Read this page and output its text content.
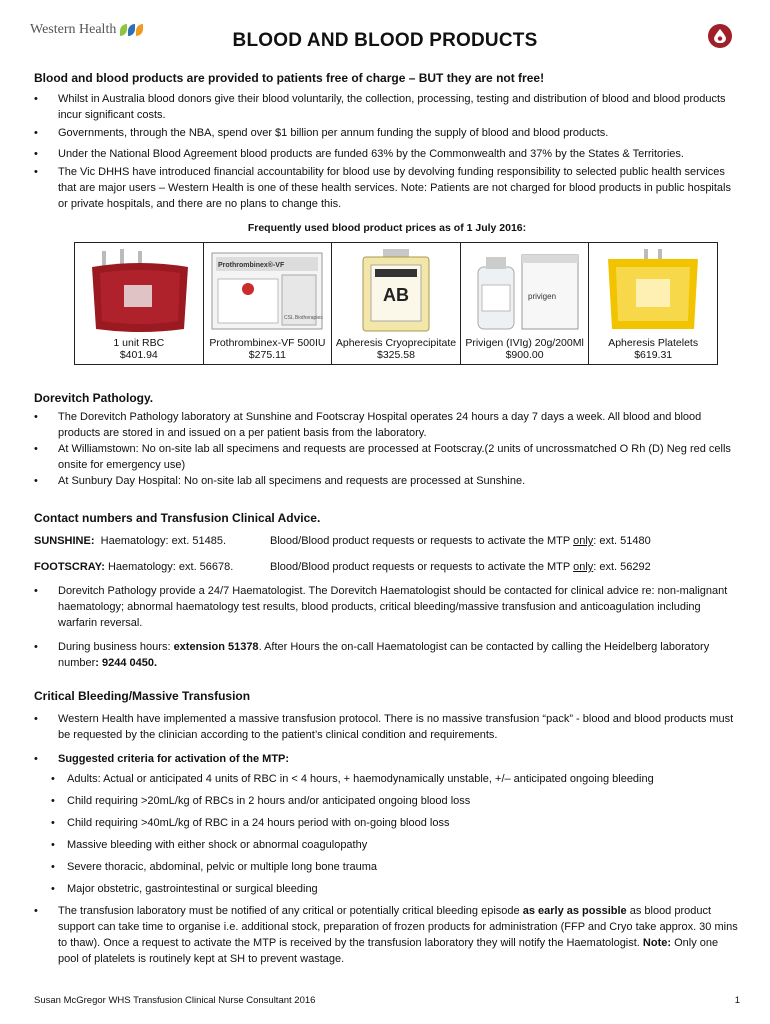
Western Health
BLOOD AND BLOOD PRODUCTS

Blood and blood products are provided to patients free of charge – BUT they are not free!

• Whilst in Australia blood donors give their blood voluntarily, the collection, processing, testing and distribution of blood and blood products incur significant costs.
• Governments, through the NBA, spend over $1 billion per annum funding the supply of blood and blood products.
• Under the National Blood Agreement blood products are funded 63% by the Commonwealth and 37% by the States & Territories.
• The Vic DHHS have introduced financial accountability for blood use by devolving funding responsibility to selected public health services that are major users – Western Health is one of these health services. Note: Patients are not charged for blood products in public hospitals or private hospitals, and there are no plans to change this.

Frequently used blood product prices as of 1 July 2016:

1 unit RBC
$401.94
Prothrombinex®-VF
CSL Biotherapies
Prothrombinex-VF 500IU
$275.11
AB
Apheresis Cryoprecipitate
$325.58
privigen
Privigen (IVIg) 20g/200Ml
$900.00
Apheresis Platelets
$619.31
Dorevitch Pathology.
• The Dorevitch Pathology laboratory at Sunshine and Footscray Hospital operates 24 hours a day 7 days a week. All blood and blood products are stored in and issued on a per patient basis from the laboratory.
• At Williamstown: No on-site lab all specimens and requests are processed at Footscray.(2 units of uncrossmatched O Rh (D) Neg red cells onsite for emergency use)
• At Sunbury Day Hospital: No on-site lab all specimens and requests are processed at Sunshine.
Contact numbers and Transfusion Clinical Advice.
SUNSHINE: Haematology: ext. 51485.	Blood/Blood product requests or requests to activate the MTP only: ext. 51480
FOOTSCRAY: Haematology: ext. 56678.	Blood/Blood product requests or requests to activate the MTP only: ext. 56292
• Dorevitch Pathology provide a 24/7 Haematologist. The Dorevitch Haematologist should be contacted for clinical advice re: non-malignant haematology; abnormal haematology test results, blood products, critical bleeding/massive transfusion and anticoagulation including warfarin reversal.
• During business hours: extension 51378. After Hours the on-call Haematologist can be contacted by calling the Heidelberg laboratory number: 9244 0450.
Critical Bleeding/Massive Transfusion
• Western Health have implemented a massive transfusion protocol. There is no massive transfusion “pack” - blood and blood products must be requested by the clinician according to the patient’s clinical condition and requirements.
• Suggested criteria for activation of the MTP:
• Adults: Actual or anticipated 4 units of RBC in < 4 hours, + haemodynamically unstable, +/– anticipated ongoing bleeding
• Child requiring >20mL/kg of RBCs in 2 hours and/or anticipated ongoing blood loss
• Child requiring >40mL/kg of RBC in a 24 hours period with on-going blood loss
• Massive bleeding with either shock or abnormal coagulopathy
• Severe thoracic, abdominal, pelvic or multiple long bone trauma
• Major obstetric, gastrointestinal or surgical bleeding
• The transfusion laboratory must be notified of any critical or potentially critical bleeding episode as early as possible as blood product support can take time to organise i.e. additional stock, preparation of frozen products for administration (FFP and Cryo take approx. 30 mins to thaw). Once a request to activate the MTP is received by the transfusion laboratory they will notify the Haematologist. Note: Only one pool of platelets is routinely kept at SH to prevent wastage.
Susan McGregor WHS Transfusion Clinical Nurse Consultant 2016	1
